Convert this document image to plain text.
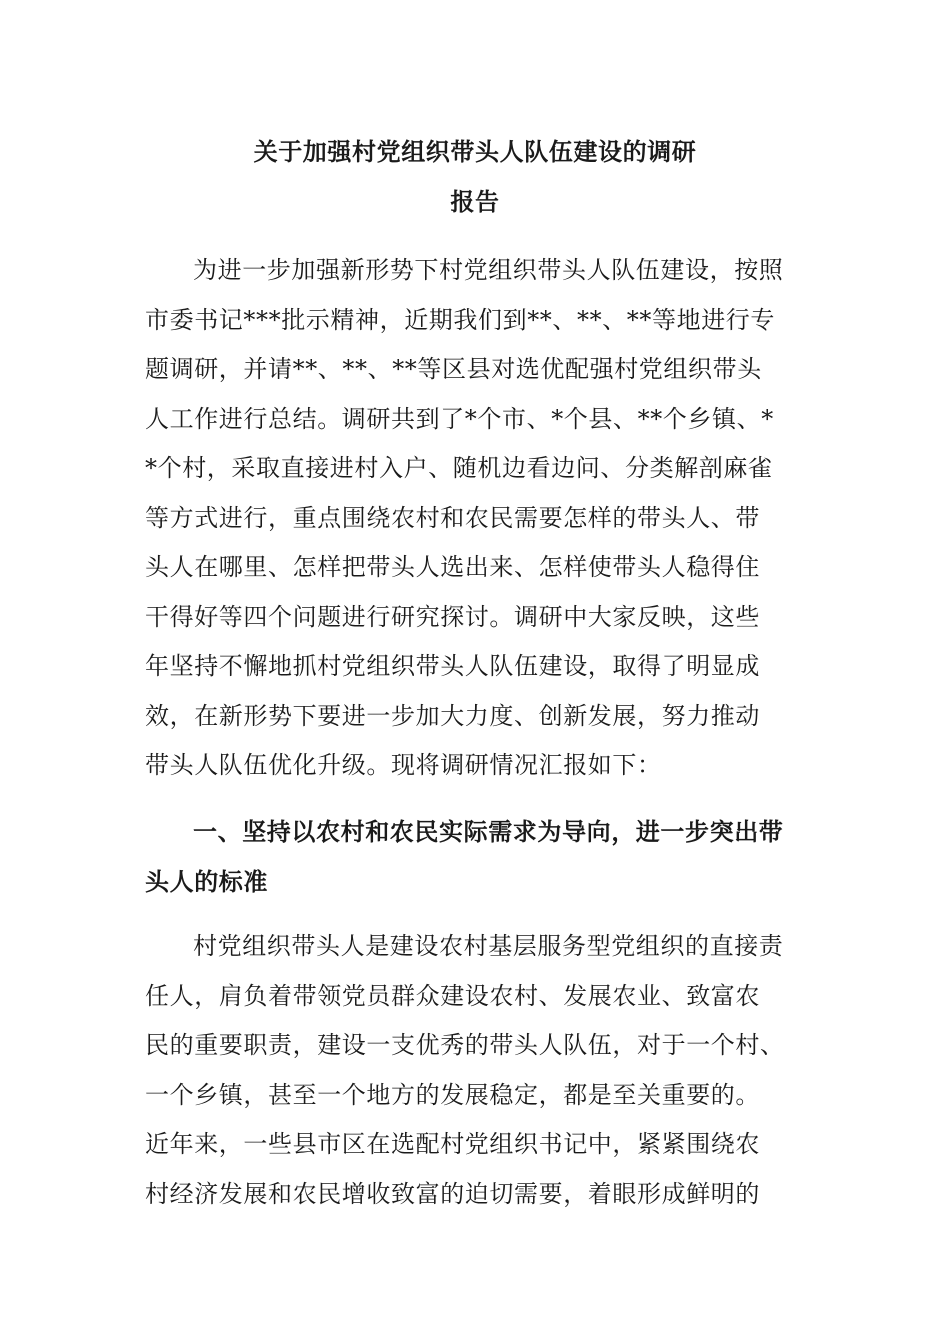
关于加强村党组织带头人队伍建设的调研
报告
为进一步加强新形势下村党组织带头人队伍建设，按照
市委书记***批示精神，近期我们到**、**、**等地进行专
题调研，并请**、**、**等区县对选优配强村党组织带头
人工作进行总结。调研共到了*个市、*个县、**个乡镇、*
*个村，采取直接进村入户、随机边看边问、分类解剖麻雀
等方式进行，重点围绕农村和农民需要怎样的带头人、带
头人在哪里、怎样把带头人选出来、怎样使带头人稳得住
干得好等四个问题进行研究探讨。调研中大家反映，这些
年坚持不懈地抓村党组织带头人队伍建设，取得了明显成
效，在新形势下要进一步加大力度、创新发展，努力推动
带头人队伍优化升级。现将调研情况汇报如下：
一、坚持以农村和农民实际需求为导向，进一步突出带
头人的标准
村党组织带头人是建设农村基层服务型党组织的直接责
任人，肩负着带领党员群众建设农村、发展农业、致富农
民的重要职责，建设一支优秀的带头人队伍，对于一个村、
一个乡镇，甚至一个地方的发展稳定，都是至关重要的。
近年来，一些县市区在选配村党组织书记中，紧紧围绕农
村经济发展和农民增收致富的迫切需要，着眼形成鲜明的
